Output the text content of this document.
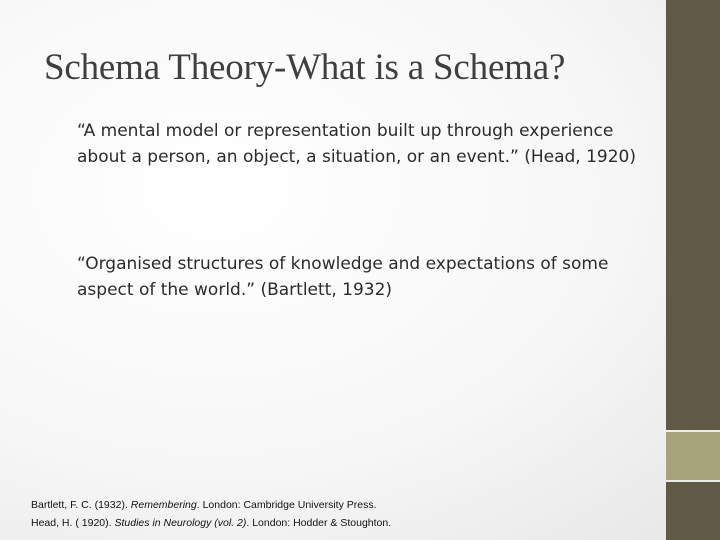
Schema Theory-What is a Schema?

“A mental model or representation built up through experience about a person, an object, a situation, or an event.” (Head, 1920)

“Organised structures of knowledge and expectations of some aspect of the world.” (Bartlett, 1932)

Bartlett, F. C. (1932). Remembering. London: Cambridge University Press.
Head, H. ( 1920). Studies in Neurology (vol. 2). London: Hodder & Stoughton.
